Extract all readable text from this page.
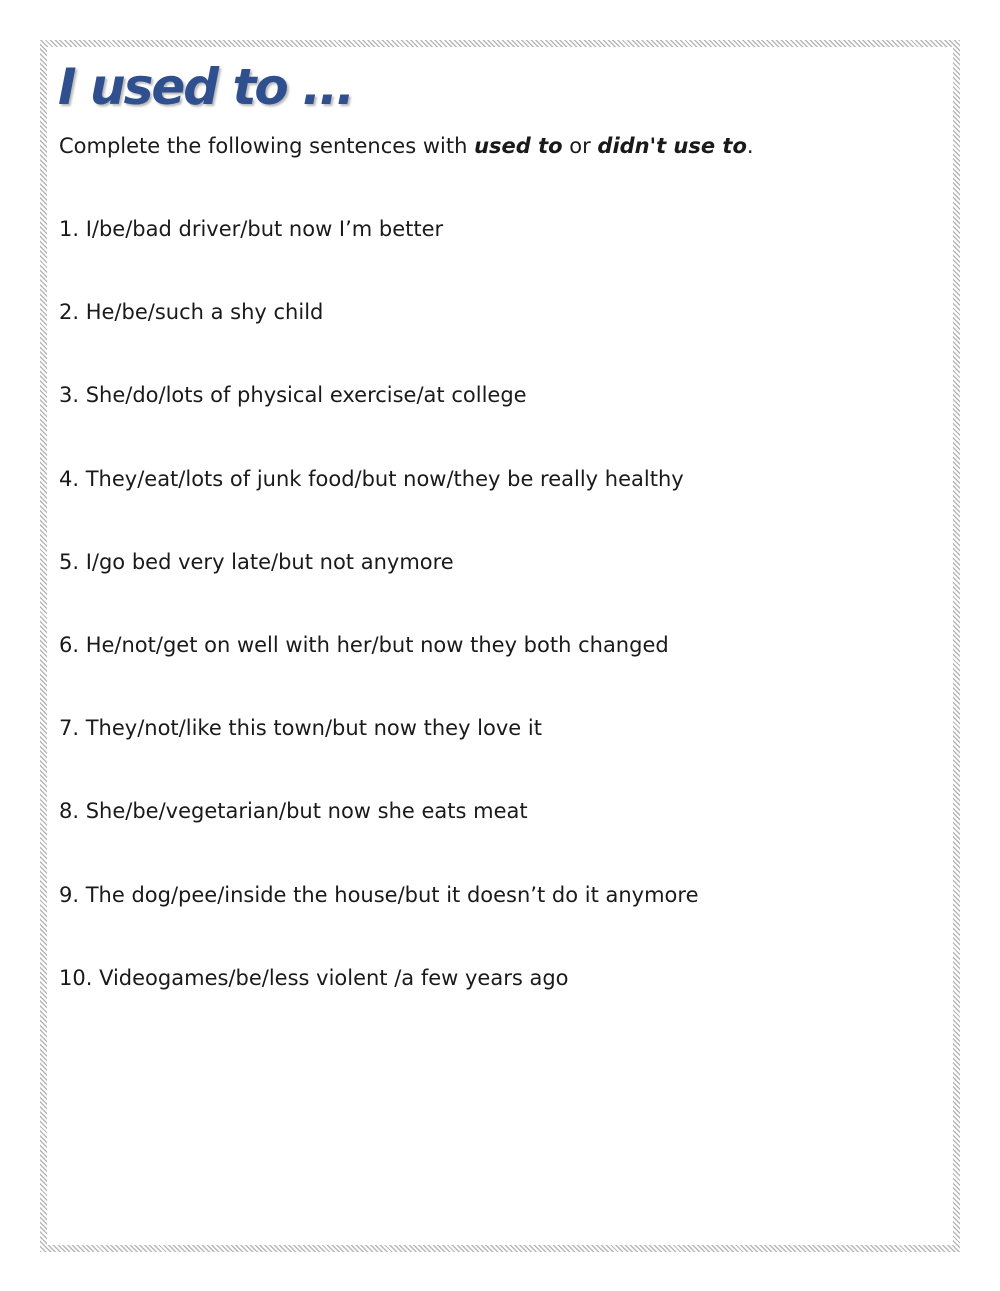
I used to ...

Complete the following sentences with used to or didn't use to.

1. I/be/bad driver/but now I’m better
2. He/be/such a shy child
3. She/do/lots of physical exercise/at college
4. They/eat/lots of junk food/but now/they be really healthy
5. I/go bed very late/but not anymore
6. He/not/get on well with her/but now they both changed
7. They/not/like this town/but now they love it
8. She/be/vegetarian/but now she eats meat
9. The dog/pee/inside the house/but it doesn’t do it anymore
10. Videogames/be/less violent /a few years ago
